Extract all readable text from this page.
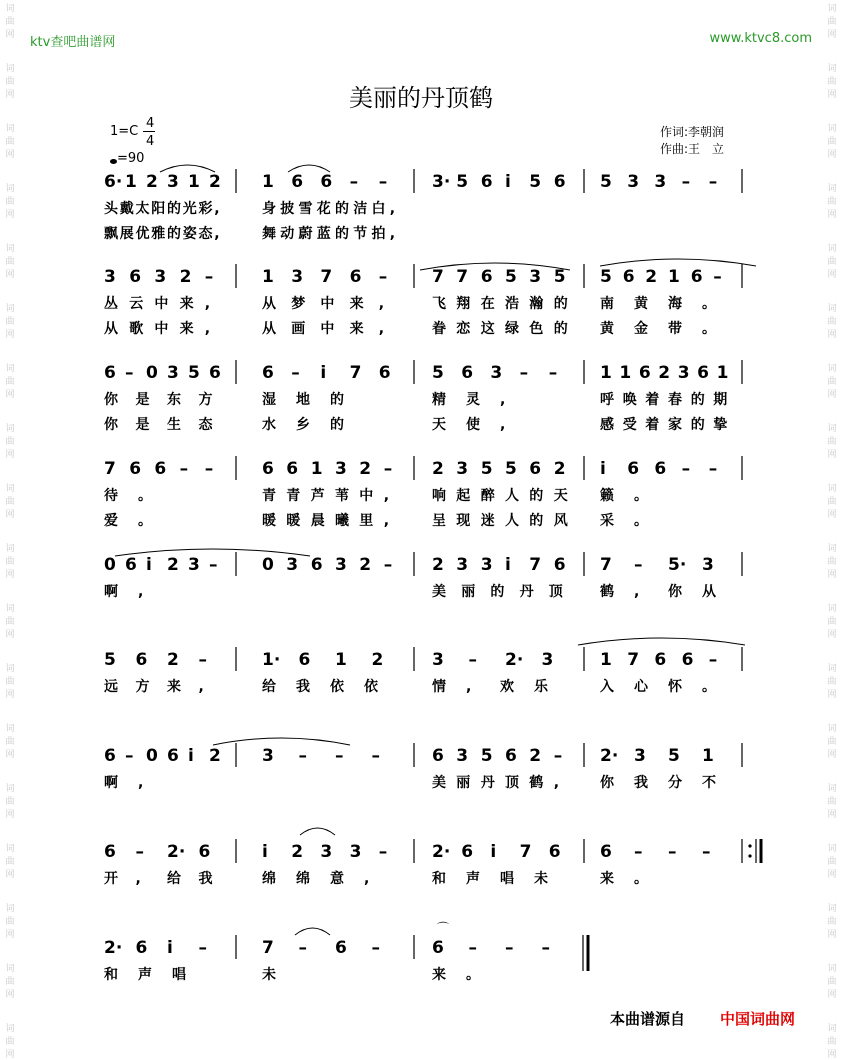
词
曲
网
词
曲
网
词
曲
网
词
曲
网
词
曲
网
词
曲
网
词
曲
网
词
曲
网
词
曲
网
词
曲
网
词
曲
网
词
曲
网
词
曲
网
词
曲
网
词
曲
网
词
曲
网
词
曲
网
词
曲
网
词
曲
网
词
曲
网
词
曲
网
词
曲
网
词
曲
网
词
曲
网
词
曲
网
词
曲
网
词
曲
网
词
曲
网
词
曲
网
词
曲
网
词
曲
网
词
曲
网
词
曲
网
词
曲
网
词
曲
网
词
曲
网
ktv查吧曲谱网	www.ktvc8.com
美丽的丹顶鹤
1=C
4
4
=90
作词:李朝润
作曲:王　立
6· 1 2 3 1 2
头 戴 太 阳 的 光 彩 ,
飘 展 优 雅 的 姿 态 ,
1 6 6 – –
身 披 雪 花 的 洁 白 ,
舞 动 蔚 蓝 的 节 拍 ,
3· 5 6 i 5 6 5 3 3 – –
3 6 3 2 –
丛 云 中 来 ,
从 歌 中 来 ,
1 3 7 6 –
从 梦 中 来 ,
从 画 中 来 ,
7 7 6 5 3 5
飞 翔 在 浩 瀚 的
眷 恋 这 绿 色 的
5 6 2 1 6 –
南 黄 海 。
黄 金 带 。
6 – 0 3 5 6
你 是 东 方
你 是 生 态
6 – i 7 6
湿 地 的
水 乡 的
5 6 3 – –
精 灵 ,
天 使 ,
1 1 6 2 3 6 1
呼 唤 着 春 的 期
感 受 着 家 的 挚
7 6 6 – –
待 。
爱 。
6 6 1 3 2 –
青 青 芦 苇 中 ,
暖 暖 晨 曦 里 ,
2 3 5 5 6 2
响 起 醉 人 的 天
呈 现 迷 人 的 风
i 6 6 – –
籁 。
采 。
0 6 i 2 3 –
啊 ,
0 3 6 3 2 – 2 3 3 i 7 6
美 丽 的 丹 顶
7 – 5· 3
鹤 , 你 从
5 6 2 –
远 方 来 ,
1· 6 1 2
给 我 依 依
3 – 2· 3
情 , 欢 乐
1 7 6 6 –
入 心 怀 。
6 – 0 6 i 2
啊 ,
3 – – –	6 3 5 6 2 –
美 丽 丹 顶 鹤 ,
2· 3 5 1
你 我 分 不
6 – 2· 6
开 , 给 我
i 2 3 3 –
绵 绵 意 ,
2· 6 i 7 6
和 声 唱 未
6 – – –
来 。
2· 6 i –
和 声 唱
7 – 6 –
未
6 – – –
来 。
⌒
本曲谱源自 中国词曲网
